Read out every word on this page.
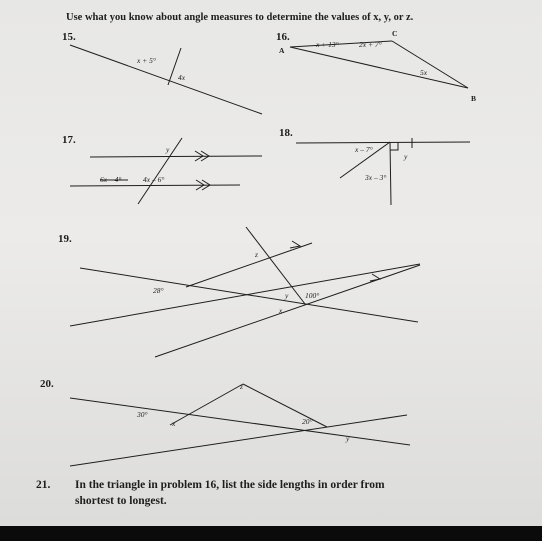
Use what you know about angle measures to determine the values of x, y, or z.
15.	16.
17.
18.
19.
20.
21. In the triangle in problem 16, list the side lengths in order from
shortest to longest.
x + 5°
4x
A
C
B
x + 13°	2x + 7°
5x
y
6x – 4°	4x – 6°
x – 7°
y
3x – 3°
z
28°
y 100°
x
z
30°
x	20°
y
